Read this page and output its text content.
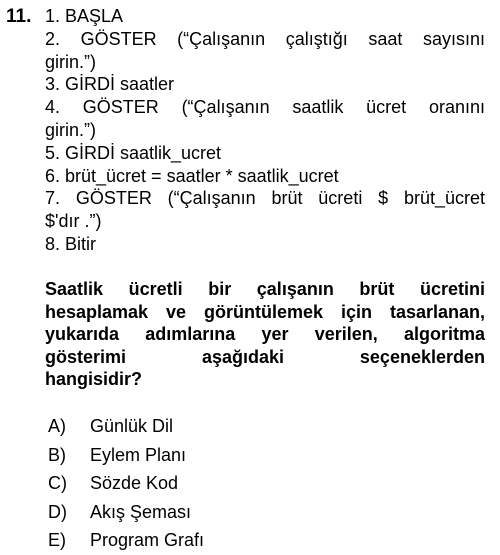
11. 1. BAŞLA
2. GÖSTER (“Çalışanın çalıştığı saat sayısını
girin.”)
3. GİRDİ saatler
4. GÖSTER (“Çalışanın saatlik ücret oranını
girin.”)
5. GİRDİ saatlik_ucret
6. brüt_ücret = saatler * saatlik_ucret
7. GÖSTER (“Çalışanın brüt ücreti $ brüt_ücret
$'dır .”)
8. Bitir
Saatlik ücretli bir çalışanın brüt ücretini
hesaplamak ve görüntülemek için tasarlanan,
yukarıda adımlarına yer verilen, algoritma
gösterimi aşağıdaki seçeneklerden
hangisidir?
A)	Günlük Dil
B)	Eylem Planı
C)	Sözde Kod
D)	Akış Şeması
E)	Program Grafı
